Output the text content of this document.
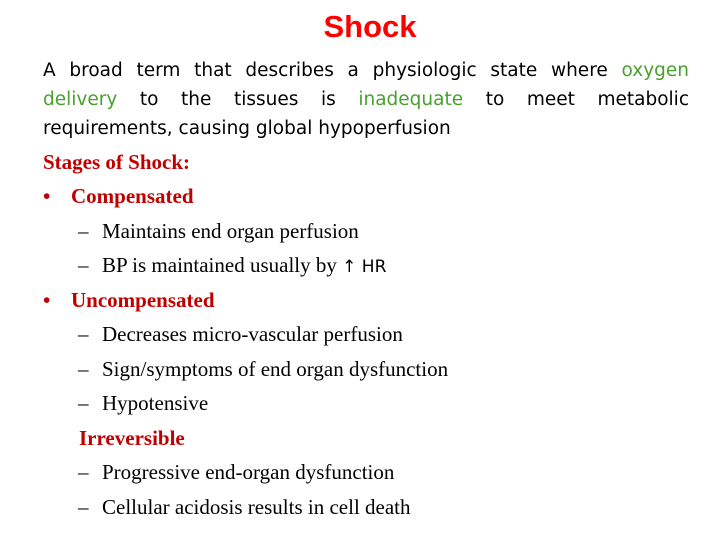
Shock
A broad term that describes a physiologic state where oxygen delivery to the tissues is inadequate to meet metabolic requirements, causing global hypoperfusion
Stages of Shock:
• Compensated
– Maintains end organ perfusion
– BP is maintained usually by ↑ HR
• Uncompensated
– Decreases micro-vascular perfusion
– Sign/symptoms of end organ dysfunction
– Hypotensive
Irreversible
– Progressive end-organ dysfunction
– Cellular acidosis results in cell death
